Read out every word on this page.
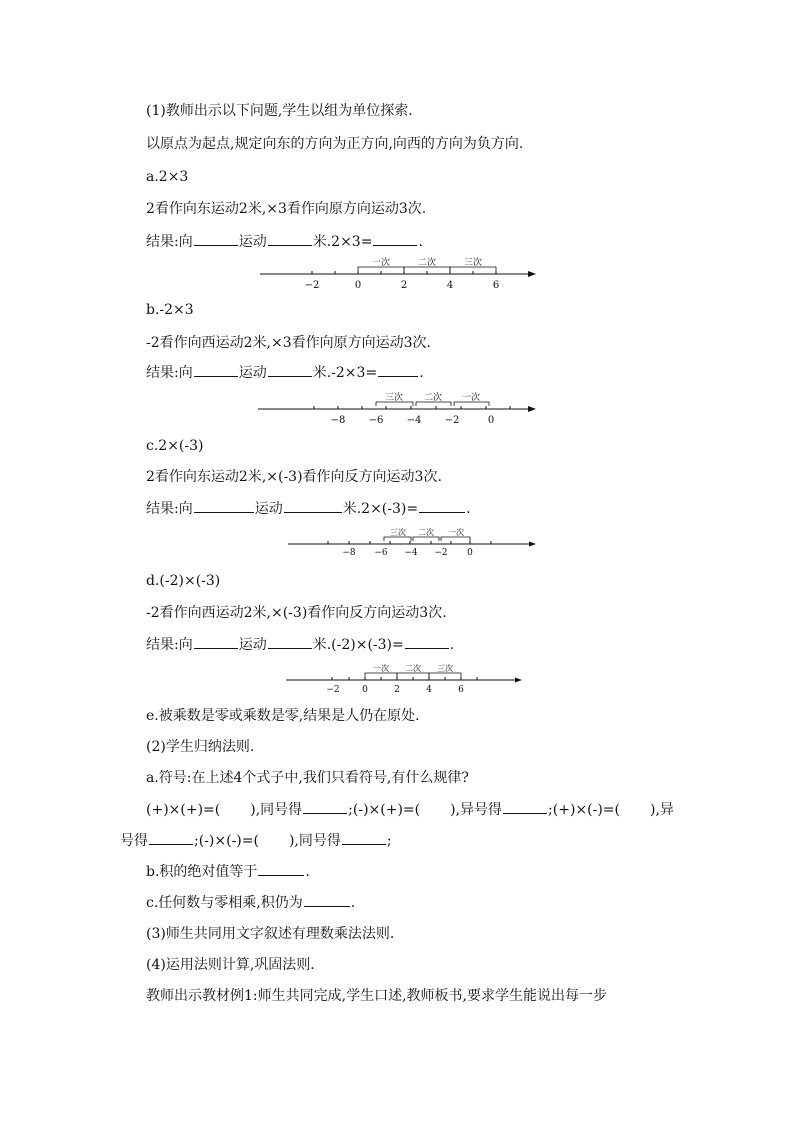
(1)教师出示以下问题,学生以组为单位探索.
以原点为起点,规定向东的方向为正方向,向西的方向为负方向.
a.2×3
2看作向东运动2米,×3看作向原方向运动3次.
结果:向	运动	米.2×3=	.
一次	二次	三次
−2	0	2	4	6
b.-2×3
-2看作向西运动2米,×3看作向原方向运动3次.
结果:向	运动	米.-2×3=	.
三次 二次 一次
−8 −6 −4 −2	0
c.2×(-3)
2看作向东运动2米,×(-3)看作向反方向运动3次.
结果:向	运动	米.2×(-3)=	.
三次 二次 一次
−8 −6 −4 −2 0
d.(-2)×(-3)
-2看作向西运动2米,×(-3)看作向反方向运动3次.
结果:向	运动	米.(-2)×(-3)=	.
一次 二次 三次
−2 0	2	4	6
e.被乘数是零或乘数是零,结果是人仍在原处.
(2)学生归纳法则.
a.符号:在上述4个式子中,我们只看符号,有什么规律?
(+)×(+)=( ),同号得	;(-)×(+)=( ),异号得	;(+)×(-)=( ),异
号得	;(-)×(-)=( ),同号得	;
b.积的绝对值等于	.
c.任何数与零相乘,积仍为	.
(3)师生共同用文字叙述有理数乘法法则.
(4)运用法则计算,巩固法则.
教师出示教材例1:师生共同完成,学生口述,教师板书,要求学生能说出每一步
